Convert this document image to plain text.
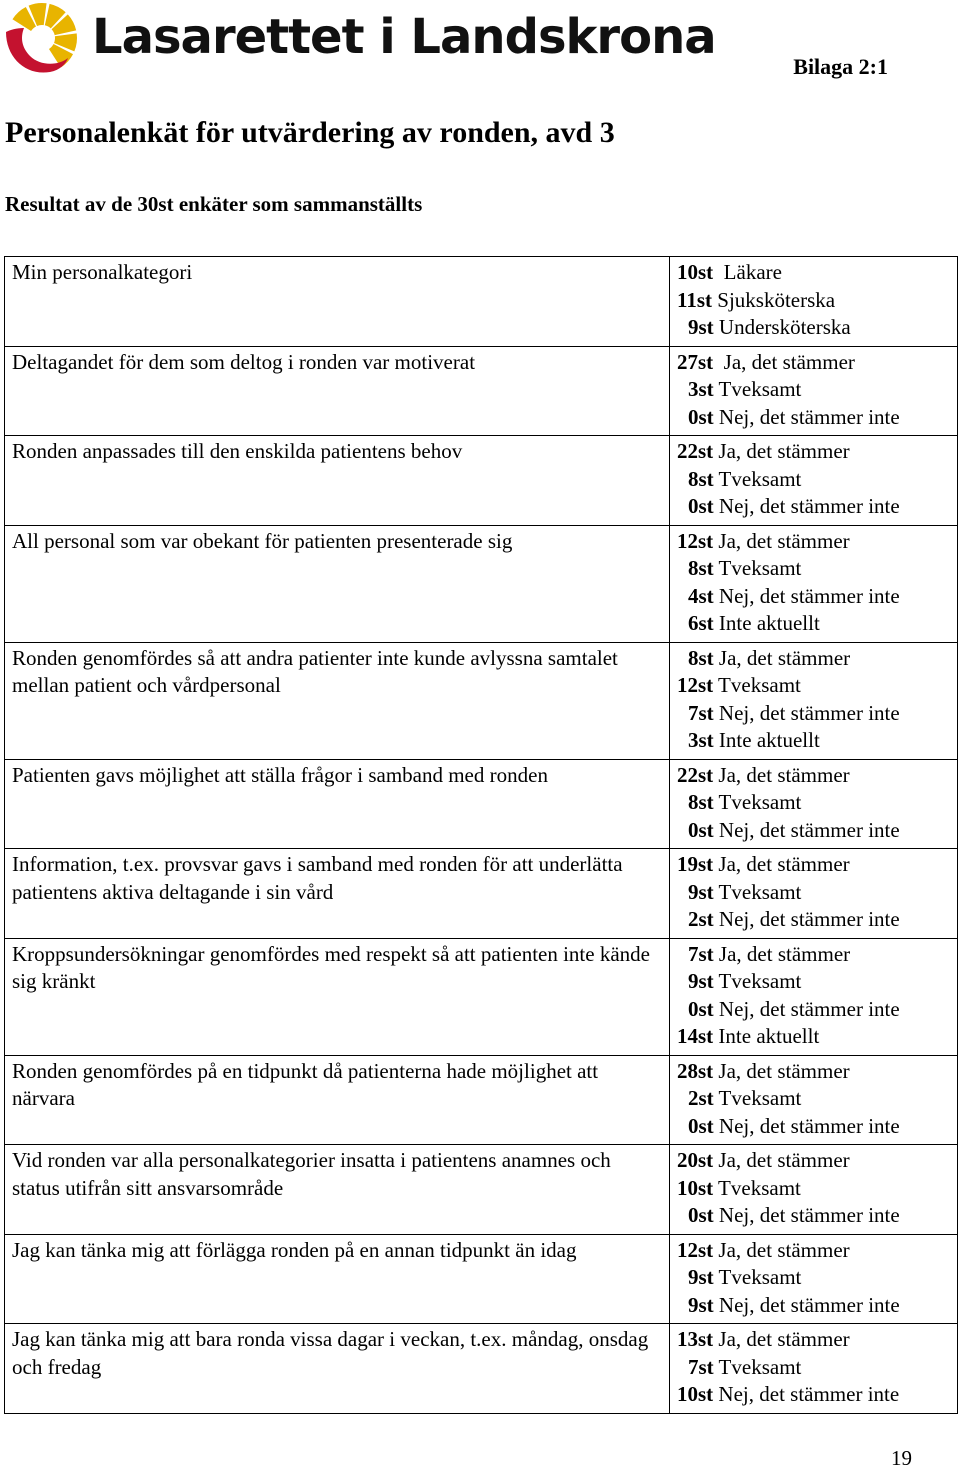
Lasarettet i Landskrona
Bilaga 2:1
Personalenkät för utvärdering av ronden, avd 3
Resultat av de 30st enkäter som sammanställts
Min personalkategori	10st  Läkare
11st Sjuksköterska
9st Undersköterska

Deltagandet för dem som deltog i ronden var motiverat	27st  Ja, det stämmer
3st Tveksamt
0st Nej, det stämmer inte

Ronden anpassades till den enskilda patientens behov	22st Ja, det stämmer
8st Tveksamt
0st Nej, det stämmer inte

All personal som var obekant för patienten presenterade sig	12st Ja, det stämmer
8st Tveksamt
4st Nej, det stämmer inte
6st Inte aktuellt

Ronden genomfördes så att andra patienter inte kunde avlyssna samtalet mellan patient och vårdpersonal	8st Ja, det stämmer
12st Tveksamt
7st Nej, det stämmer inte
3st Inte aktuellt

Patienten gavs möjlighet att ställa frågor i samband med ronden	22st Ja, det stämmer
8st Tveksamt
0st Nej, det stämmer inte

Information, t.ex. provsvar gavs i samband med ronden för att underlätta patientens aktiva deltagande i sin vård	19st Ja, det stämmer
9st Tveksamt
2st Nej, det stämmer inte

Kroppsundersökningar genomfördes med respekt så att patienten inte kände sig kränkt	7st Ja, det stämmer
9st Tveksamt
0st Nej, det stämmer inte
14st Inte aktuellt

Ronden genomfördes på en tidpunkt då patienterna hade möjlighet att närvara	28st Ja, det stämmer
2st Tveksamt
0st Nej, det stämmer inte

Vid ronden var alla personalkategorier insatta i patientens anamnes och status utifrån sitt ansvarsområde	20st Ja, det stämmer
10st Tveksamt
0st Nej, det stämmer inte

Jag kan tänka mig att förlägga ronden på en annan tidpunkt än idag	12st Ja, det stämmer
9st Tveksamt
9st Nej, det stämmer inte

Jag kan tänka mig att bara ronda vissa dagar i veckan, t.ex. måndag, onsdag och fredag	13st Ja, det stämmer
7st Tveksamt
10st Nej, det stämmer inte
19
